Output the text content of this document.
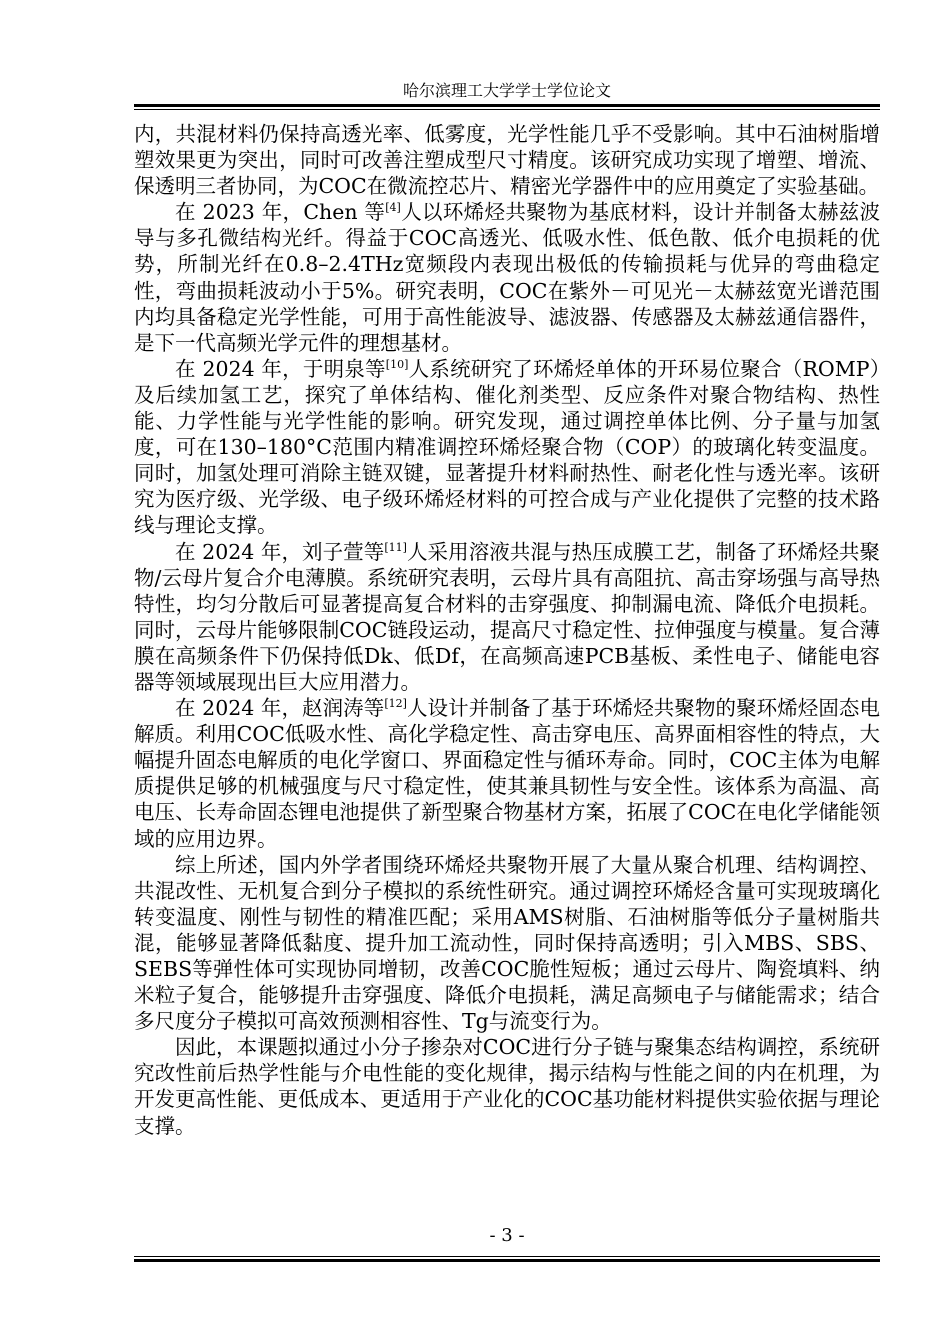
哈尔滨理工大学学士学位论文

内，共混材料仍保持高透光率、低雾度，光学性能几乎不受影响。其中石油树脂增塑效果更为突出，同时可改善注塑成型尺寸精度。该研究成功实现了增塑、增流、保透明三者协同，为COC在微流控芯片、精密光学器件中的应用奠定了实验基础。

在 2023 年，Chen 等[4]人以环烯烃共聚物为基底材料，设计并制备太赫兹波导与多孔微结构光纤。得益于COC高透光、低吸水性、低色散、低介电损耗的优势，所制光纤在0.8–2.4THz宽频段内表现出极低的传输损耗与优异的弯曲稳定性，弯曲损耗波动小于5%。研究表明，COC在紫外－可见光－太赫兹宽光谱范围内均具备稳定光学性能，可用于高性能波导、滤波器、传感器及太赫兹通信器件，是下一代高频光学元件的理想基材。

在 2024 年，于明泉等[10]人系统研究了环烯烃单体的开环易位聚合（ROMP）及后续加氢工艺，探究了单体结构、催化剂类型、反应条件对聚合物结构、热性能、力学性能与光学性能的影响。研究发现，通过调控单体比例、分子量与加氢度，可在130–180°C范围内精准调控环烯烃聚合物（COP）的玻璃化转变温度。同时，加氢处理可消除主链双键，显著提升材料耐热性、耐老化性与透光率。该研究为医疗级、光学级、电子级环烯烃材料的可控合成与产业化提供了完整的技术路线与理论支撑。

在 2024 年，刘子萱等[11]人采用溶液共混与热压成膜工艺，制备了环烯烃共聚物/云母片复合介电薄膜。系统研究表明，云母片具有高阻抗、高击穿场强与高导热特性，均匀分散后可显著提高复合材料的击穿强度、抑制漏电流、降低介电损耗。同时，云母片能够限制COC链段运动，提高尺寸稳定性、拉伸强度与模量。复合薄膜在高频条件下仍保持低Dk、低Df，在高频高速PCB基板、柔性电子、储能电容器等领域展现出巨大应用潜力。

在 2024 年，赵润涛等[12]人设计并制备了基于环烯烃共聚物的聚环烯烃固态电解质。利用COC低吸水性、高化学稳定性、高击穿电压、高界面相容性的特点，大幅提升固态电解质的电化学窗口、界面稳定性与循环寿命。同时，COC主体为电解质提供足够的机械强度与尺寸稳定性，使其兼具韧性与安全性。该体系为高温、高电压、长寿命固态锂电池提供了新型聚合物基材方案，拓展了COC在电化学储能领域的应用边界。

综上所述，国内外学者围绕环烯烃共聚物开展了大量从聚合机理、结构调控、共混改性、无机复合到分子模拟的系统性研究。通过调控环烯烃含量可实现玻璃化转变温度、刚性与韧性的精准匹配；采用AMS树脂、石油树脂等低分子量树脂共混，能够显著降低黏度、提升加工流动性，同时保持高透明；引入MBS、SBS、SEBS等弹性体可实现协同增韧，改善COC脆性短板；通过云母片、陶瓷填料、纳米粒子复合，能够提升击穿强度、降低介电损耗，满足高频电子与储能需求；结合多尺度分子模拟可高效预测相容性、Tg与流变行为。

因此，本课题拟通过小分子掺杂对COC进行分子链与聚集态结构调控，系统研究改性前后热学性能与介电性能的变化规律，揭示结构与性能之间的内在机理，为开发更高性能、更低成本、更适用于产业化的COC基功能材料提供实验依据与理论支撑。

- 3 -
